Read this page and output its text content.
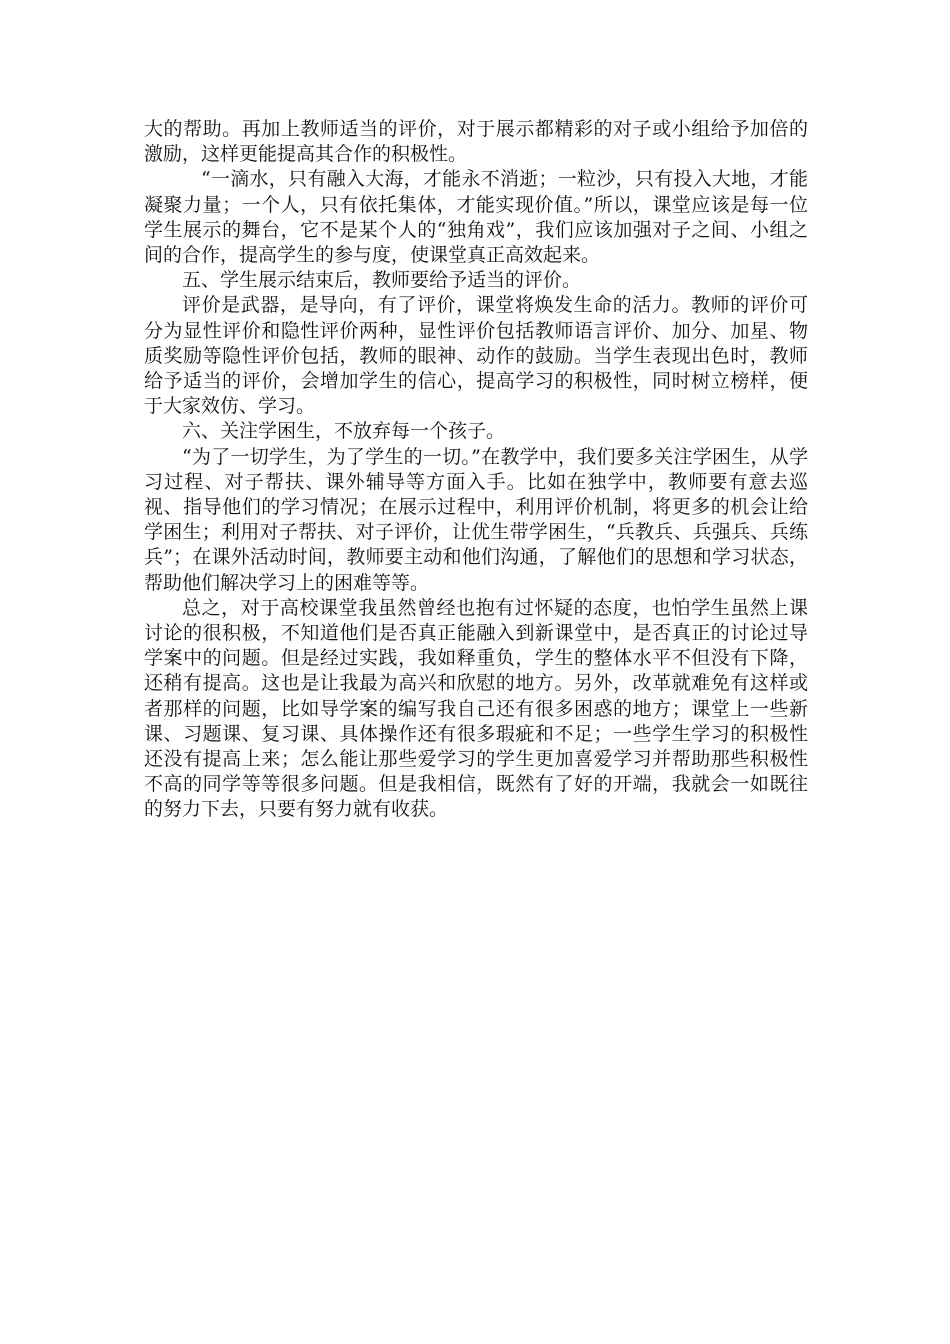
大的帮助。再加上教师适当的评价，对于展示都精彩的对子或小组给予加倍的激励，这样更能提高其合作的积极性。

“一滴水，只有融入大海，才能永不消逝；一粒沙，只有投入大地，才能凝聚力量；一个人，只有依托集体，才能实现价值。”所以，课堂应该是每一位学生展示的舞台，它不是某个人的“独角戏”，我们应该加强对子之间、小组之间的合作，提高学生的参与度，使课堂真正高效起来。

五、学生展示结束后，教师要给予适当的评价。

评价是武器，是导向，有了评价，课堂将焕发生命的活力。教师的评价可分为显性评价和隐性评价两种，显性评价包括教师语言评价、加分、加星、物质奖励等隐性评价包括，教师的眼神、动作的鼓励。当学生表现出色时，教师给予适当的评价，会增加学生的信心，提高学习的积极性，同时树立榜样，便于大家效仿、学习。

六、关注学困生，不放弃每一个孩子。

“为了一切学生，为了学生的一切。”在教学中，我们要多关注学困生，从学习过程、对子帮扶、课外辅导等方面入手。比如在独学中，教师要有意去巡视、指导他们的学习情况；在展示过程中，利用评价机制，将更多的机会让给学困生；利用对子帮扶、对子评价，让优生带学困生，“兵教兵、兵强兵、兵练兵”；在课外活动时间，教师要主动和他们沟通，了解他们的思想和学习状态，帮助他们解决学习上的困难等等。

总之，对于高校课堂我虽然曾经也抱有过怀疑的态度，也怕学生虽然上课讨论的很积极，不知道他们是否真正能融入到新课堂中，是否真正的讨论过导学案中的问题。但是经过实践，我如释重负，学生的整体水平不但没有下降，还稍有提高。这也是让我最为高兴和欣慰的地方。另外，改革就难免有这样或者那样的问题，比如导学案的编写我自己还有很多困惑的地方；课堂上一些新课、习题课、复习课、具体操作还有很多瑕疵和不足；一些学生学习的积极性还没有提高上来；怎么能让那些爱学习的学生更加喜爱学习并帮助那些积极性不高的同学等等很多问题。但是我相信，既然有了好的开端，我就会一如既往的努力下去，只要有努力就有收获。
